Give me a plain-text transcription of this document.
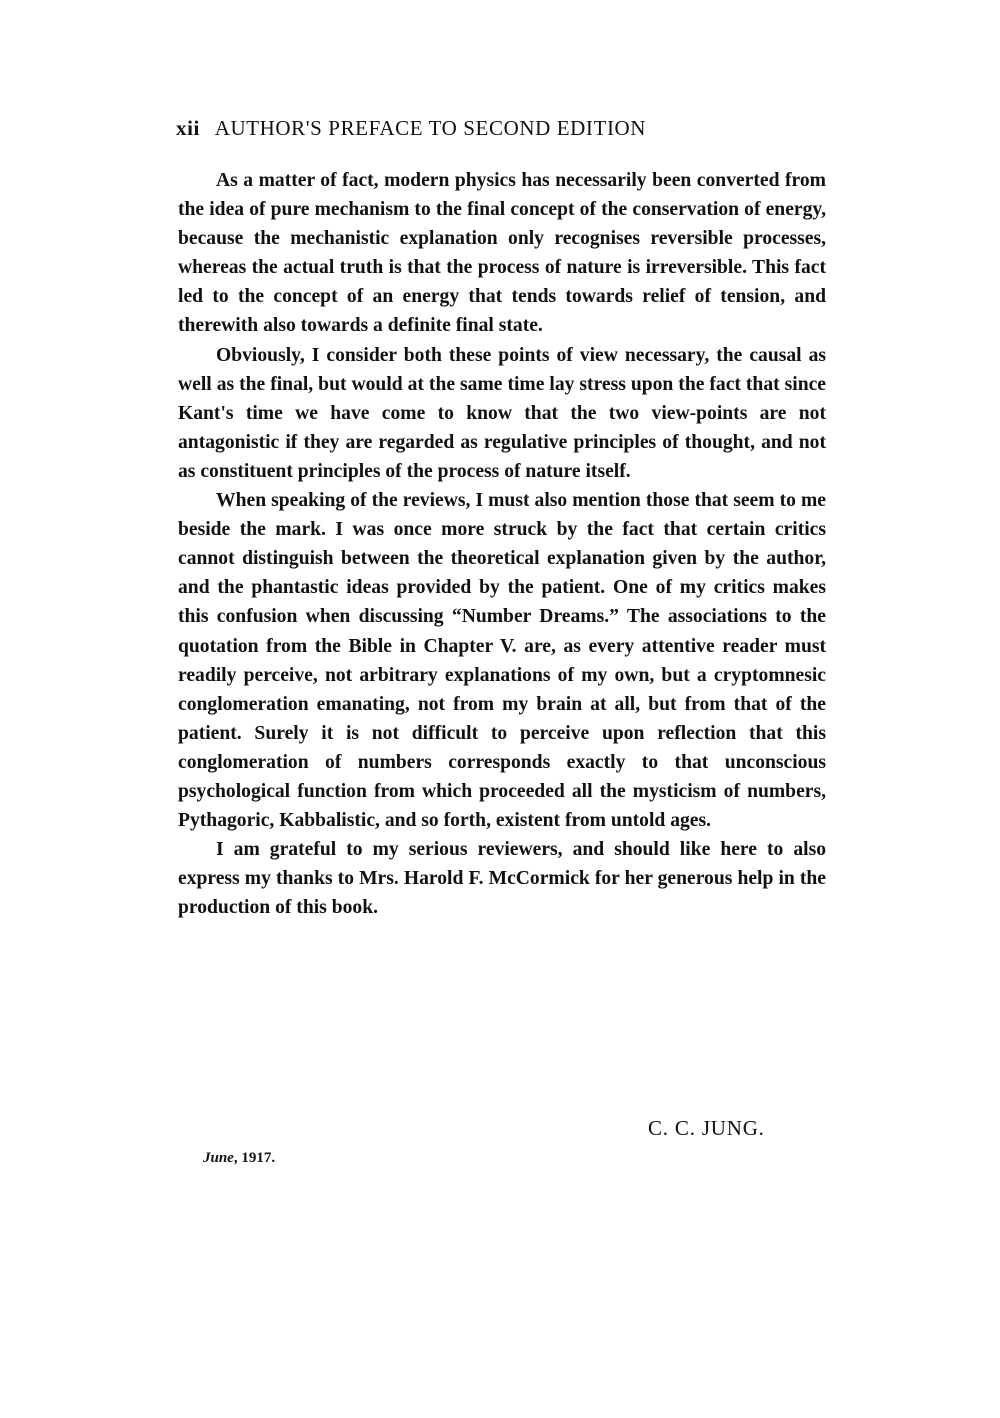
xii AUTHOR'S PREFACE TO SECOND EDITION

As a matter of fact, modern physics has necessarily been converted from the idea of pure mechanism to the final concept of the conservation of energy, because the mechanistic explanation only recognises reversible processes, whereas the actual truth is that the process of nature is irreversible. This fact led to the concept of an energy that tends towards relief of tension, and therewith also towards a definite final state.

Obviously, I consider both these points of view necessary, the causal as well as the final, but would at the same time lay stress upon the fact that since Kant's time we have come to know that the two view-points are not antagonistic if they are regarded as regulative principles of thought, and not as constituent principles of the process of nature itself.

When speaking of the reviews, I must also mention those that seem to me beside the mark. I was once more struck by the fact that certain critics cannot distinguish between the theoretical explanation given by the author, and the phantastic ideas provided by the patient. One of my critics makes this confusion when discussing “Number Dreams.” The associations to the quotation from the Bible in Chapter V. are, as every attentive reader must readily perceive, not arbitrary explanations of my own, but a cryptomnesic conglomeration emanating, not from my brain at all, but from that of the patient. Surely it is not difficult to perceive upon reflection that this conglomeration of numbers corresponds exactly to that unconscious psychological function from which proceeded all the mysticism of numbers, Pythagoric, Kabbalistic, and so forth, existent from untold ages.

I am grateful to my serious reviewers, and should like here to also express my thanks to Mrs. Harold F. McCormick for her generous help in the production of this book.

C. C. JUNG.
June, 1917.
